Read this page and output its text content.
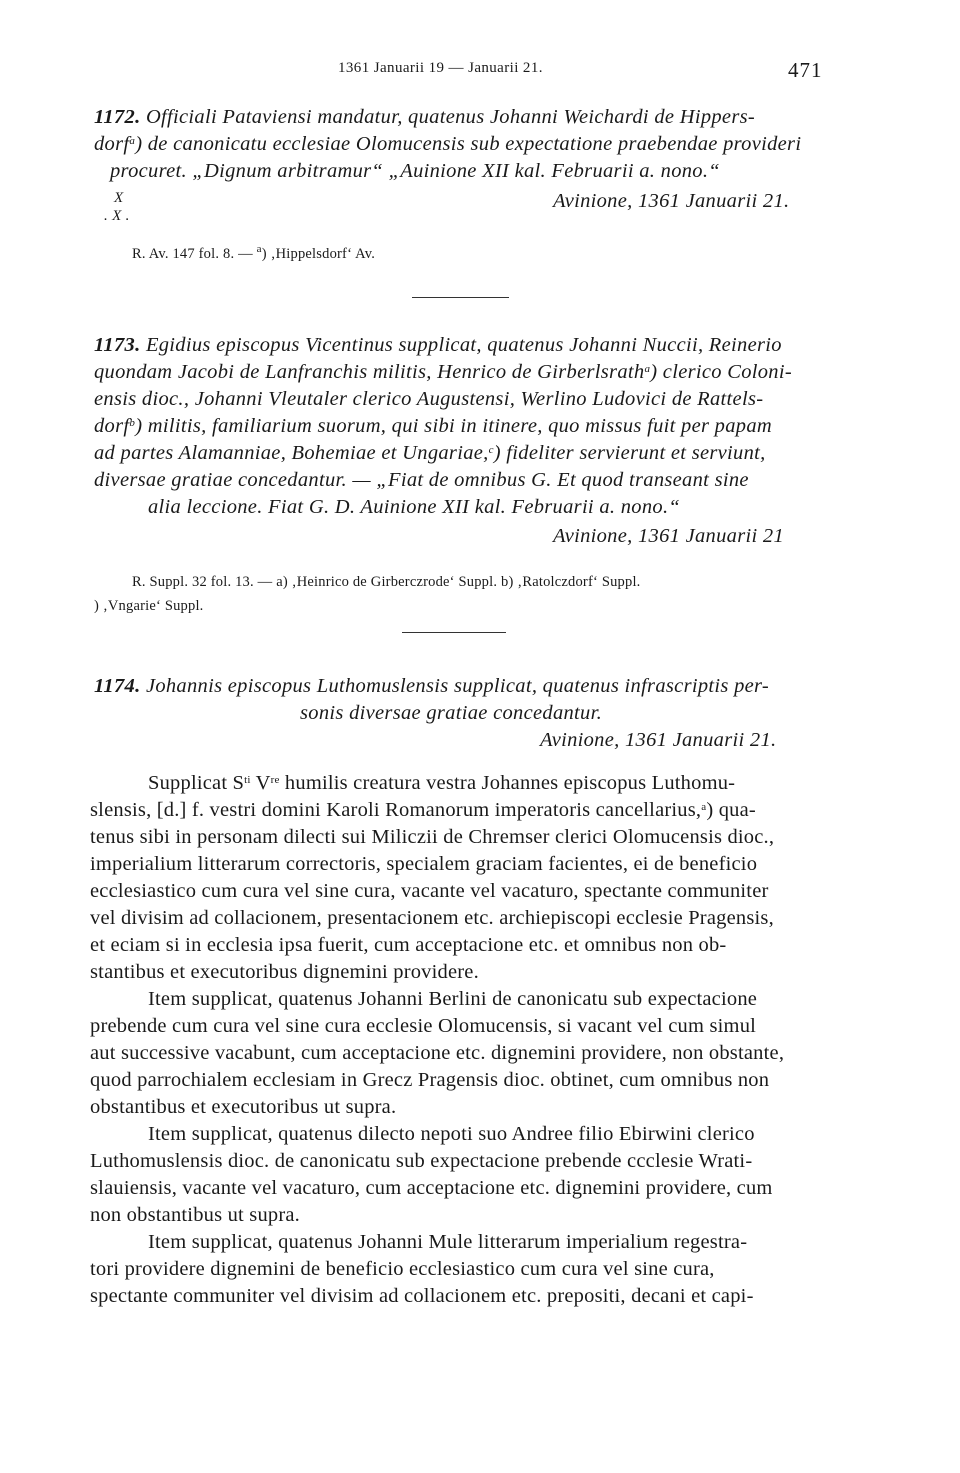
1361 Januarii 19 — Januarii 21.	471
1172. Officiali Pataviensi mandatur, quatenus Johanni Weichardi de Hippers-
dorf$^a$) de canonicatu ecclesiae Olomucensis sub expectatione praebendae provideri
procuret. „Dignum arbitramur“ „Auinione XII kal. Februarii a. nono.“
X
. X .
Avinione, 1361 Januarii 21.
R. Av. 147 fol. 8. — $^a$) ‚Hippelsdorf‘ Av.
1173. Egidius episcopus Vicentinus supplicat, quatenus Johanni Nuccii, Reinerio
quondam Jacobi de Lanfranchis militis, Henrico de Girberlsrath$^a$) clerico Coloni-
ensis dioc., Johanni Vleutaler clerico Augustensi, Werlino Ludovici de Rattels-
dorf$^b$) militis, familiarium suorum, qui sibi in itinere, quo missus fuit per papam
ad partes Alamanniae, Bohemiae et Ungariae,$^c$) fideliter servierunt et serviunt,
diversae gratiae concedantur. — „Fiat de omnibus G. Et quod transeant sine
alia leccione. Fiat G. D. Auinione XII kal. Februarii a. nono.“
Avinione, 1361 Januarii 21
R. Suppl. 32 fol. 13. — a) ‚Heinrico de Girberczrode‘ Suppl. b) ‚Ratolczdorf‘ Suppl.
) ‚Vngarie‘ Suppl.
1174. Johannis episcopus Luthomuslensis supplicat, quatenus infrascriptis per-
sonis diversae gratiae concedantur.
Avinione, 1361 Januarii 21.
Supplicat $S^{ti}$ Vre humilis creatura vestra Johannes episcopus Luthomu-
slensis, [d.] f. vestri domini Karoli Romanorum imperatoris cancellarius,$^a$) qua-
tenus sibi in personam dilecti sui Miliczii de Chremser clerici Olomucensis dioc.,
imperialium litterarum correctoris, specialem graciam facientes, ei de beneficio
ecclesiastico cum cura vel sine cura, vacante vel vacaturo, spectante communiter
vel divisim ad collacionem, presentacionem etc. archiepiscopi ecclesie Pragensis,
et eciam si in ecclesia ipsa fuerit, cum acceptacione etc. et omnibus non ob-
stantibus et executoribus dignemini providere.
Item supplicat, quatenus Johanni Berlini de canonicatu sub expectacione
prebende cum cura vel sine cura ecclesie Olomucensis, si vacant vel cum simul
aut successive vacabunt, cum acceptacione etc. dignemini providere, non obstante,
quod parrochialem ecclesiam in Grecz Pragensis dioc. obtinet, cum omnibus non
obstantibus et executoribus ut supra.
Item supplicat, quatenus dilecto nepoti suo Andree filio Ebirwini clerico
Luthomuslensis dioc. de canonicatu sub expectacione prebende ccclesie Wrati-
slauiensis, vacante vel vacaturo, cum acceptacione etc. dignemini providere, cum
non obstantibus ut supra.
Item supplicat, quatenus Johanni Mule litterarum imperialium regestra-
tori providere dignemini de beneficio ecclesiastico cum cura vel sine cura,
spectante communiter vel divisim ad collacionem etc. prepositi, decani et capi-
